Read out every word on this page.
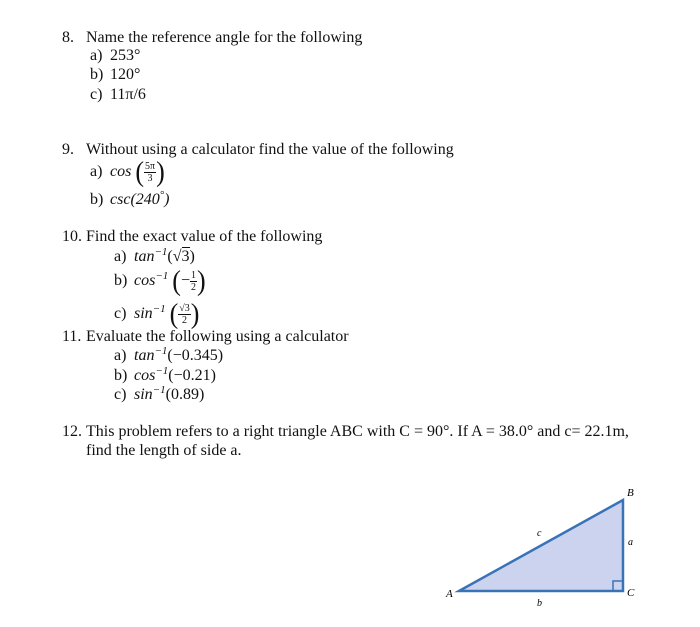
8. Name the reference angle for the following
a) 253°
b) 120°
c) 11π/6
9. Without using a calculator find the value of the following
a) cos ( $\frac{5\pi}{3}$ )
b) csc(240°)
10. Find the exact value of the following
a) $\tan^{-1}(√3)$
b) $\cos^{-1}$ (− $\frac{1}{2}$ )
c) $\sin^{-1}$ ( $\frac{√3}{2}$ )
11. Evaluate the following using a calculator
a) $\tan^{-1}(-0.345)$
b) $\cos^{-1}(-0.21)$
c) $\sin^{-1}(0.89)$
12. This problem refers to a right triangle ABC with C = 90°. If A = 38.0° and c= 22.1m,
find the length of side a.
A
B
C
a
b
c
